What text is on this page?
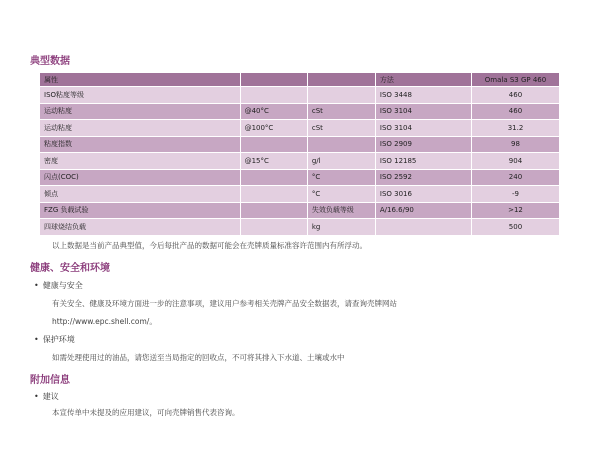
典型数据
属性			方法	Omala S3 GP 460
ISO粘度等级			ISO 3448	460
运动粘度	@40°C	cSt	ISO 3104	460
运动粘度	@100°C	cSt	ISO 3104	31.2
粘度指数			ISO 2909	98
密度	@15°C	g/l	ISO 12185	904
闪点(COC)		°C	ISO 2592	240
倾点		°C	ISO 3016	-9
FZG 负载试验		失效负载等级	A/16.6/90	>12
四球烧结负载		kg		500
以上数据是当前产品典型值，今后每批产品的数据可能会在壳牌质量标准容许范围内有所浮动。
健康、安全和环境
• 健康与安全
有关安全、健康及环境方面进一步的注意事项，建议用户参考相关壳牌产品安全数据表，请查询壳牌网站
http://www.epc.shell.com/。
• 保护环境
如需处理使用过的油品，请您送至当局指定的回收点，不可将其排入下水道、土壤或水中
附加信息
• 建议
本宣传单中未提及的应用建议，可向壳牌销售代表咨询。
